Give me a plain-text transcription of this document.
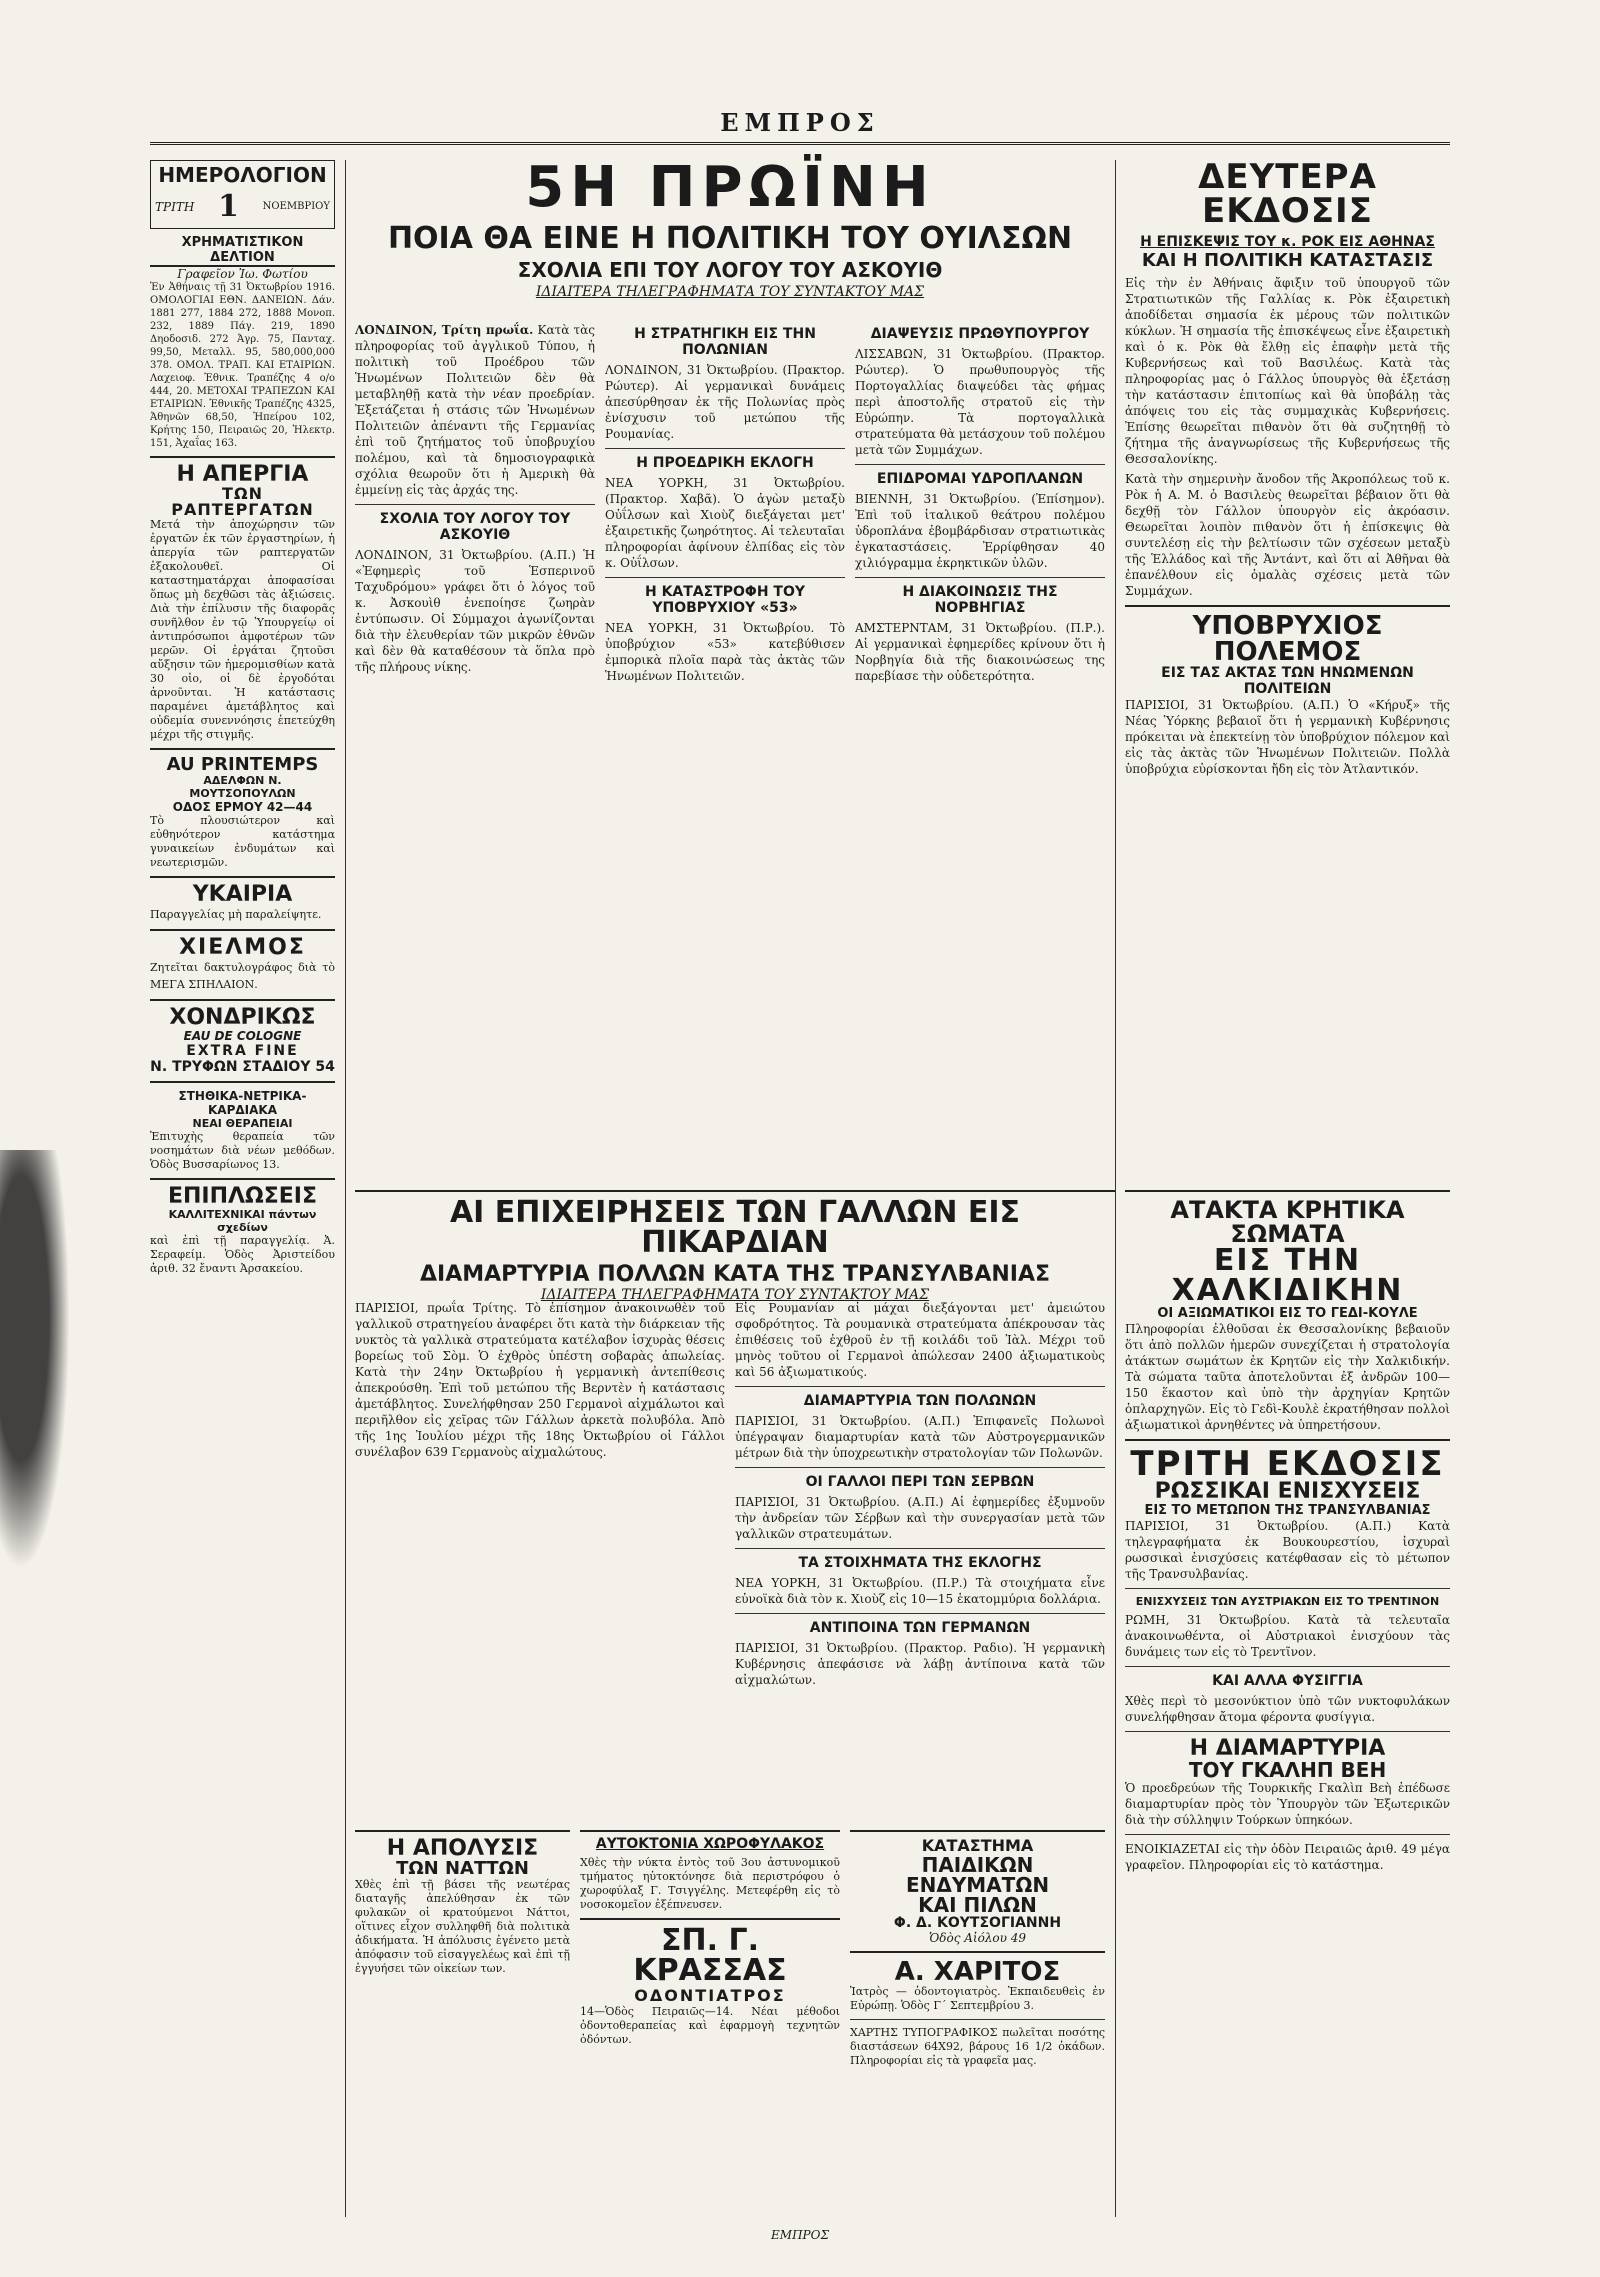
ΕΜΠΡΟΣ
ΗΜΕΡΟΛΟΓΙΟΝ
ΤΡΙΤΗ 1 ΝΟΕΜΒΡΙΟΥ
ΧΡΗΜΑΤΙΣΤΙΚΟΝ ΔΕΛΤΙΟΝ
Γραφεῖον Ἰω. Φωτίου

Ἐν Ἀθήναις τῇ 31 Ὀκτωβρίου 1916. ΟΜΟΛΟΓΙΑΙ ΕΘΝ. ΔΑΝΕΙΩΝ. Δάν. 1881 277, 1884 272, 1888 Μονοπ. 232, 1889 Πάγ. 219, 1890 Δηοδοσιδ. 272 Ἀγρ. 75, Πανταχ. 99,50, Μεταλλ. 95, 580,000,000 378. ΟΜΟΛ. ΤΡΑΠ. ΚΑΙ ΕΤΑΙΡΙΩΝ. Λαχειοφ. Ἐθνικ. Τραπέζης 4 ο/ο 444, 20. ΜΕΤΟΧΑΙ ΤΡΑΠΕΖΩΝ ΚΑΙ ΕΤΑΙΡΙΩΝ. Ἐθνικῆς Τραπέζης 4325, Ἀθηνῶν 68,50, Ἠπείρου 102, Κρήτης 150, Πειραιῶς 20, Ἠλεκτρ. 151, Ἀχαΐας 163.

Η ΑΠΕΡΓΙΑ
ΤΩΝ ΡΑΠΤΕΡΓΑΤΩΝ

Μετά τὴν ἀποχώρησιν τῶν ἐργατῶν ἐκ τῶν ἐργαστηρίων, ἡ ἀπεργία τῶν ραπτεργατῶν ἐξακολουθεῖ. Οἱ καταστηματάρχαι ἀποφασίσαι ὅπως μὴ δεχθῶσι τὰς ἀξιώσεις. Διὰ τὴν ἐπίλυσιν τῆς διαφορᾶς συνῆλθον ἐν τῷ Ὑπουργείῳ οἱ ἀντιπρόσωποι ἀμφοτέρων τῶν μερῶν. Οἱ ἐργάται ζητοῦσι αὔξησιν τῶν ἡμερομισθίων κατὰ 30 οἰο, οἱ δὲ ἐργοδόται ἀρνοῦνται. Ἡ κατάστασις παραμένει ἀμετάβλητος καὶ οὐδεμία συνεννόησις ἐπετεύχθη μέχρι τῆς στιγμῆς.

AU PRINTEMPS
ΑΔΕΛΦΩΝ Ν. ΜΟΥΤΣΟΠΟΥΛΩΝ
ΟΔΟΣ ΕΡΜΟΥ 42—44

Τὸ πλουσιώτερον καὶ εὐθηνότερον κατάστημα γυναικείων ἐνδυμάτων καὶ νεωτερισμῶν.

ΥΚΑΙΡΙΑ

Παραγγελίας μὴ παραλείψητε.

ΧΙΕΛΜΟΣ

Ζητεῖται δακτυλογράφος διὰ τὸ ΜΕΓΑ ΣΠΗΛΑΙΟΝ.

ΧΟΝΔΡΙΚΩΣ
EAU DE COLOGNE
EXTRA FINE
Ν. ΤΡΥΦΩΝ ΣΤΑΔΙΟΥ 54
ΣΤΗΘΙΚΑ-ΝΕΤΡΙΚΑ-ΚΑΡΔΙΑΚΑ
ΝΕΑΙ ΘΕΡΑΠΕΙΑΙ

Ἐπιτυχὴς θεραπεία τῶν νοσημάτων διὰ νέων μεθόδων. Ὁδὸς Βυσσαρίωνος 13.

ΕΠΙΠΛΩΣΕΙΣ
ΚΑΛΛΙΤΕΧΝΙΚΑΙ πάντων σχεδίων

καὶ ἐπὶ τῇ παραγγελίᾳ. Ἀ. Σεραφείμ. Ὁδὸς Ἀριστείδου ἀριθ. 32 ἔναντι Ἀρσακείου.

5Η ΠΡΩΪΝΗ
ΠΟΙΑ ΘΑ ΕΙΝΕ Η ΠΟΛΙΤΙΚΗ ΤΟΥ ΟΥΙΛΣΩΝ
ΣΧΟΛΙΑ ΕΠΙ ΤΟΥ ΛΟΓΟΥ ΤΟΥ ΑΣΚΟΥΙΘ
ΙΔΙΑΙΤΕΡΑ ΤΗΛΕΓΡΑΦΗΜΑΤΑ ΤΟΥ ΣΥΝΤΑΚΤΟΥ ΜΑΣ

ΛΟΝΔΙΝΟΝ, Τρίτη πρωΐα. Κατὰ τὰς πληροφορίας τοῦ ἀγγλικοῦ Τύπου, ἡ πολιτικὴ τοῦ Προέδρου τῶν Ἡνωμένων Πολιτειῶν δὲν θὰ μεταβληθῇ κατὰ τὴν νέαν προεδρίαν. Ἐξετάζεται ἡ στάσις τῶν Ἡνωμένων Πολιτειῶν ἀπέναντι τῆς Γερμανίας ἐπὶ τοῦ ζητήματος τοῦ ὑποβρυχίου πολέμου, καὶ τὰ δημοσιογραφικὰ σχόλια θεωροῦν ὅτι ἡ Ἀμερικὴ θὰ ἐμμείνῃ εἰς τὰς ἀρχάς της.

ΣΧΟΛΙΑ ΤΟΥ ΛΟΓΟΥ ΤΟΥ ΑΣΚΟΥΙΘ

ΛΟΝΔΙΝΟΝ, 31 Ὀκτωβρίου. (Α.Π.) Ἡ «Ἐφημερὶς τοῦ Ἑσπερινοῦ Ταχυδρόμου» γράφει ὅτι ὁ λόγος τοῦ κ. Ἀσκουὶθ ἐνεποίησε ζωηρὰν ἐντύπωσιν. Οἱ Σύμμαχοι ἀγωνίζονται διὰ τὴν ἐλευθερίαν τῶν μικρῶν ἐθνῶν καὶ δὲν θὰ καταθέσουν τὰ ὅπλα πρὸ τῆς πλήρους νίκης.

Η ΣΤΡΑΤΗΓΙΚΗ ΕΙΣ ΤΗΝ ΠΟΛΩΝΙΑΝ

ΛΟΝΔΙΝΟΝ, 31 Ὀκτωβρίου. (Πρακτορ. Ρώυτερ). Αἱ γερμανικαὶ δυνάμεις ἀπεσύρθησαν ἐκ τῆς Πολωνίας πρὸς ἐνίσχυσιν τοῦ μετώπου τῆς Ρουμανίας.

Η ΠΡΟΕΔΡΙΚΗ ΕΚΛΟΓΗ

ΝΕΑ ΥΟΡΚΗ, 31 Ὀκτωβρίου. (Πρακτορ. Χαβᾶ). Ὁ ἀγὼν μεταξὺ Οὐΐλσων καὶ Χιοὺζ διεξάγεται μετ' ἐξαιρετικῆς ζωηρότητος. Αἱ τελευταῖαι πληροφορίαι ἀφίνουν ἐλπίδας εἰς τὸν κ. Οὐΐλσων.

Η ΚΑΤΑΣΤΡΟΦΗ ΤΟΥ ΥΠΟΒΡΥΧΙΟΥ «53»

ΝΕΑ ΥΟΡΚΗ, 31 Ὀκτωβρίου. Τὸ ὑποβρύχιον «53» κατεβύθισεν ἐμπορικὰ πλοῖα παρὰ τὰς ἀκτὰς τῶν Ἡνωμένων Πολιτειῶν.

ΔΙΑΨΕΥΣΙΣ ΠΡΩΘΥΠΟΥΡΓΟΥ

ΛΙΣΣΑΒΩΝ, 31 Ὀκτωβρίου. (Πρακτορ. Ρώυτερ). Ὁ πρωθυπουργὸς τῆς Πορτογαλλίας διαψεύδει τὰς φήμας περὶ ἀποστολῆς στρατοῦ εἰς τὴν Εὐρώπην. Τὰ πορτογαλλικὰ στρατεύματα θὰ μετάσχουν τοῦ πολέμου μετὰ τῶν Συμμάχων.

ΕΠΙΔΡΟΜΑΙ ΥΔΡΟΠΛΑΝΩΝ

ΒΙΕΝΝΗ, 31 Ὀκτωβρίου. (Ἐπίσημον). Ἐπὶ τοῦ ἰταλικοῦ θεάτρου πολέμου ὑδροπλάνα ἐβομβάρδισαν στρατιωτικὰς ἐγκαταστάσεις. Ἐρρίφθησαν 40 χιλιόγραμμα ἐκρηκτικῶν ὑλῶν.

Η ΔΙΑΚΟΙΝΩΣΙΣ ΤΗΣ ΝΟΡΒΗΓΙΑΣ

ΑΜΣΤΕΡΝΤΑΜ, 31 Ὀκτωβρίου. (Π.Ρ.). Αἱ γερμανικαὶ ἐφημερίδες κρίνουν ὅτι ἡ Νορβηγία διὰ τῆς διακοινώσεως της παρεβίασε τὴν οὐδετερότητα.

ΔΕΥΤΕΡΑ ΕΚΔΟΣΙΣ
Η ΕΠΙΣΚΕΨΙΣ ΤΟΥ κ. ΡΟΚ ΕΙΣ ΑΘΗΝΑΣ
ΚΑΙ Η ΠΟΛΙΤΙΚΗ ΚΑΤΑΣΤΑΣΙΣ

Εἰς τὴν ἐν Ἀθήναις ἄφιξιν τοῦ ὑπουργοῦ τῶν Στρατιωτικῶν τῆς Γαλλίας κ. Ρὸκ ἐξαιρετικὴ ἀποδίδεται σημασία ἐκ μέρους τῶν πολιτικῶν κύκλων. Ἡ σημασία τῆς ἐπισκέψεως εἶνε ἐξαιρετικὴ καὶ ὁ κ. Ρὸκ θὰ ἔλθῃ εἰς ἐπαφὴν μετὰ τῆς Κυβερνήσεως καὶ τοῦ Βασιλέως. Κατὰ τὰς πληροφορίας μας ὁ Γάλλος ὑπουργὸς θὰ ἐξετάσῃ τὴν κατάστασιν ἐπιτοπίως καὶ θὰ ὑποβάλῃ τὰς ἀπόψεις του εἰς τὰς συμμαχικὰς Κυβερνήσεις. Ἐπίσης θεωρεῖται πιθανὸν ὅτι θὰ συζητηθῇ τὸ ζήτημα τῆς ἀναγνωρίσεως τῆς Κυβερνήσεως τῆς Θεσσαλονίκης.

Κατὰ τὴν σημερινὴν ἄνοδον τῆς Ἀκροπόλεως τοῦ κ. Ρὸκ ἡ Α. Μ. ὁ Βασιλεὺς θεωρεῖται βέβαιον ὅτι θὰ δεχθῇ τὸν Γάλλον ὑπουργὸν εἰς ἀκρόασιν. Θεωρεῖται λοιπὸν πιθανὸν ὅτι ἡ ἐπίσκεψις θὰ συντελέσῃ εἰς τὴν βελτίωσιν τῶν σχέσεων μεταξὺ τῆς Ἑλλάδος καὶ τῆς Ἀντάντ, καὶ ὅτι αἱ Ἀθῆναι θὰ ἐπανέλθουν εἰς ὁμαλὰς σχέσεις μετὰ τῶν Συμμάχων.

ΥΠΟΒΡΥΧΙΟΣ ΠΟΛΕΜΟΣ
ΕΙΣ ΤΑΣ ΑΚΤΑΣ ΤΩΝ ΗΝΩΜΕΝΩΝ ΠΟΛΙΤΕΙΩΝ

ΠΑΡΙΣΙΟΙ, 31 Ὀκτωβρίου. (Α.Π.) Ὁ «Κήρυξ» τῆς Νέας Ὑόρκης βεβαιοῖ ὅτι ἡ γερμανικὴ Κυβέρνησις πρόκειται νὰ ἐπεκτείνῃ τὸν ὑποβρύχιον πόλεμον καὶ εἰς τὰς ἀκτὰς τῶν Ἡνωμένων Πολιτειῶν. Πολλὰ ὑποβρύχια εὑρίσκονται ἤδη εἰς τὸν Ἀτλαντικόν.

ΑΙ ΕΠΙΧΕΙΡΗΣΕΙΣ ΤΩΝ ΓΑΛΛΩΝ ΕΙΣ ΠΙΚΑΡΔΙΑΝ
ΔΙΑΜΑΡΤΥΡΙΑ ΠΟΛΛΩΝ ΚΑΤΑ ΤΗΣ ΤΡΑΝΣΥΛΒΑΝΙΑΣ
ΙΔΙΑΙΤΕΡΑ ΤΗΛΕΓΡΑΦΗΜΑΤΑ ΤΟΥ ΣΥΝΤΑΚΤΟΥ ΜΑΣ

ΠΑΡΙΣΙΟΙ, πρωΐα Τρίτης. Τὸ ἐπίσημον ἀνακοινωθὲν τοῦ γαλλικοῦ στρατηγείου ἀναφέρει ὅτι κατὰ τὴν διάρκειαν τῆς νυκτὸς τὰ γαλλικὰ στρατεύματα κατέλαβον ἰσχυρὰς θέσεις βορείως τοῦ Σὸμ. Ὁ ἐχθρὸς ὑπέστη σοβαρὰς ἀπωλείας. Κατὰ τὴν 24ην Ὀκτωβρίου ἡ γερμανικὴ ἀντεπίθεσις ἀπεκρούσθη. Ἐπὶ τοῦ μετώπου τῆς Βερντὲν ἡ κατάστασις ἀμετάβλητος. Συνελήφθησαν 250 Γερμανοὶ αἰχμάλωτοι καὶ περιῆλθον εἰς χεῖρας τῶν Γάλλων ἀρκετὰ πολυβόλα. Ἀπὸ τῆς 1ης Ἰουλίου μέχρι τῆς 18ης Ὀκτωβρίου οἱ Γάλλοι συνέλαβον 639 Γερμανοὺς αἰχμαλώτους.

Εἰς Ρουμανίαν αἱ μάχαι διεξάγονται μετ' ἀμειώτου σφοδρότητος. Τὰ ρουμανικὰ στρατεύματα ἀπέκρουσαν τὰς ἐπιθέσεις τοῦ ἐχθροῦ ἐν τῇ κοιλάδι τοῦ Ἰὰλ. Μέχρι τοῦ μηνὸς τοῦτου οἱ Γερμανοὶ ἀπώλεσαν 2400 ἀξιωματικοὺς καὶ 56 ἀξιωματικούς.

ΔΙΑΜΑΡΤΥΡΙΑ ΤΩΝ ΠΟΛΩΝΩΝ

ΠΑΡΙΣΙΟΙ, 31 Ὀκτωβρίου. (Α.Π.) Ἐπιφανεῖς Πολωνοὶ ὑπέγραψαν διαμαρτυρίαν κατὰ τῶν Αὐστρογερμανικῶν μέτρων διὰ τὴν ὑποχρεωτικὴν στρατολογίαν τῶν Πολωνῶν.

ΟΙ ΓΑΛΛΟΙ ΠΕΡΙ ΤΩΝ ΣΕΡΒΩΝ

ΠΑΡΙΣΙΟΙ, 31 Ὀκτωβρίου. (Α.Π.) Αἱ ἐφημερίδες ἐξυμνοῦν τὴν ἀνδρείαν τῶν Σέρβων καὶ τὴν συνεργασίαν μετὰ τῶν γαλλικῶν στρατευμάτων.

ΤΑ ΣΤΟΙΧΗΜΑΤΑ ΤΗΣ ΕΚΛΟΓΗΣ

ΝΕΑ ΥΟΡΚΗ, 31 Ὀκτωβρίου. (Π.Ρ.) Τὰ στοιχήματα εἶνε εὐνοϊκὰ διὰ τὸν κ. Χιοὺζ εἰς 10—15 ἑκατομμύρια δολλάρια.

ΑΝΤΙΠΟΙΝΑ ΤΩΝ ΓΕΡΜΑΝΩΝ

ΠΑΡΙΣΙΟΙ, 31 Ὀκτωβρίου. (Πρακτορ. Ραδιο). Ἡ γερμανικὴ Κυβέρνησις ἀπεφάσισε νὰ λάβῃ ἀντίποινα κατὰ τῶν αἰχμαλώτων.

ΑΤΑΚΤΑ ΚΡΗΤΙΚΑ ΣΩΜΑΤΑ
ΕΙΣ ΤΗΝ ΧΑΛΚΙΔΙΚΗΝ
ΟΙ ΑΞΙΩΜΑΤΙΚΟΙ ΕΙΣ ΤΟ ΓΕΔΙ-ΚΟΥΛΕ

Πληροφορίαι ἐλθοῦσαι ἐκ Θεσσαλονίκης βεβαιοῦν ὅτι ἀπὸ πολλῶν ἡμερῶν συνεχίζεται ἡ στρατολογία ἀτάκτων σωμάτων ἐκ Κρητῶν εἰς τὴν Χαλκιδικήν. Τὰ σώματα ταῦτα ἀποτελοῦνται ἐξ ἀνδρῶν 100—150 ἕκαστον καὶ ὑπὸ τὴν ἀρχηγίαν Κρητῶν ὁπλαρχηγῶν. Εἰς τὸ Γεδὶ-Κουλὲ ἐκρατήθησαν πολλοὶ ἀξιωματικοὶ ἀρνηθέντες νὰ ὑπηρετήσουν.

ΤΡΙΤΗ ΕΚΔΟΣΙΣ
ΡΩΣΣΙΚΑΙ ΕΝΙΣΧΥΣΕΙΣ
ΕΙΣ ΤΟ ΜΕΤΩΠΟΝ ΤΗΣ ΤΡΑΝΣΥΛΒΑΝΙΑΣ

ΠΑΡΙΣΙΟΙ, 31 Ὀκτωβρίου. (Α.Π.) Κατὰ τηλεγραφήματα ἐκ Βουκουρεστίου, ἰσχυραὶ ρωσσικαὶ ἐνισχύσεις κατέφθασαν εἰς τὸ μέτωπον τῆς Τρανσυλβανίας.

ΕΝΙΣΧΥΣΕΙΣ ΤΩΝ ΑΥΣΤΡΙΑΚΩΝ ΕΙΣ ΤΟ ΤΡΕΝΤΙΝΟΝ

ΡΩΜΗ, 31 Ὀκτωβρίου. Κατὰ τὰ τελευταῖα ἀνακοινωθέντα, οἱ Αὐστριακοὶ ἐνισχύουν τὰς δυνάμεις των εἰς τὸ Τρεντῖνον.

ΚΑΙ ΑΛΛΑ ΦΥΣΙΓΓΙΑ

Χθὲς περὶ τὸ μεσονύκτιον ὑπὸ τῶν νυκτοφυλάκων συνελήφθησαν ἄτομα φέροντα φυσίγγια.

Η ΔΙΑΜΑΡΤΥΡΙΑ
ΤΟΥ ΓΚΑΛΗΠ ΒΕΗ

Ὁ προεδρεύων τῆς Τουρκικῆς Γκαλὶπ Βεὴ ἐπέδωσε διαμαρτυρίαν πρὸς τὸν Ὑπουργὸν τῶν Ἐξωτερικῶν διὰ τὴν σύλληψιν Τούρκων ὑπηκόων.

ΕΝΟΙΚΙΑΖΕΤΑΙ εἰς τὴν ὁδὸν Πειραιῶς ἀριθ. 49 μέγα γραφεῖον. Πληροφορίαι εἰς τὸ κατάστημα.

Η ΑΠΟΛΥΣΙΣ
ΤΩΝ ΝΑΤΤΩΝ

Χθὲς ἐπὶ τῇ βάσει τῆς νεωτέρας διαταγῆς ἀπελύθησαν ἐκ τῶν φυλακῶν οἱ κρατούμενοι Νάττοι, οἵτινες εἶχον συλληφθῆ διὰ πολιτικὰ ἀδικήματα. Ἡ ἀπόλυσις ἐγένετο μετὰ ἀπόφασιν τοῦ εἰσαγγελέως καὶ ἐπὶ τῇ ἐγγυήσει τῶν οἰκείων των.

ΑΥΤΟΚΤΟΝΙΑ ΧΩΡΟΦΥΛΑΚΟΣ

Χθὲς τὴν νύκτα ἐντὸς τοῦ 3ου ἀστυνομικοῦ τμήματος ηὐτοκτόνησε διὰ περιστρόφου ὁ χωροφύλαξ Γ. Τσιγγέλης. Μετεφέρθη εἰς τὸ νοσοκομεῖον ἐξέπνευσεν.

ΣΠ. Γ. ΚΡΑΣΣΑΣ
ΟΔΟΝΤΙΑΤΡΟΣ

14—Ὁδὸς Πειραιῶς—14. Νέαι μέθοδοι ὀδοντοθεραπείας καὶ ἐφαρμογὴ τεχνητῶν ὀδόντων.

ΚΑΤΑΣΤΗΜΑ
ΠΑΙΔΙΚΩΝ ΕΝΔΥΜΑΤΩΝ
ΚΑΙ ΠΙΛΩΝ
Φ. Δ. ΚΟΥΤΣΟΓΙΑΝΝΗ
Ὁδὸς Αἰόλου 49
Α. ΧΑΡΙΤΟΣ

Ἰατρὸς — ὀδοντογιατρὸς. Ἐκπαιδευθεὶς ἐν Εὐρώπῃ. Ὁδὸς Γ΄ Σεπτεμβρίου 3.

ΧΑΡΤΗΣ ΤΥΠΟΓΡΑΦΙΚΟΣ πωλεῖται ποσότης διαστάσεων 64Χ92, βάρους 16 1/2 ὀκάδων. Πληροφορίαι εἰς τὰ γραφεῖα μας.

ΕΜΠΡΟΣ
